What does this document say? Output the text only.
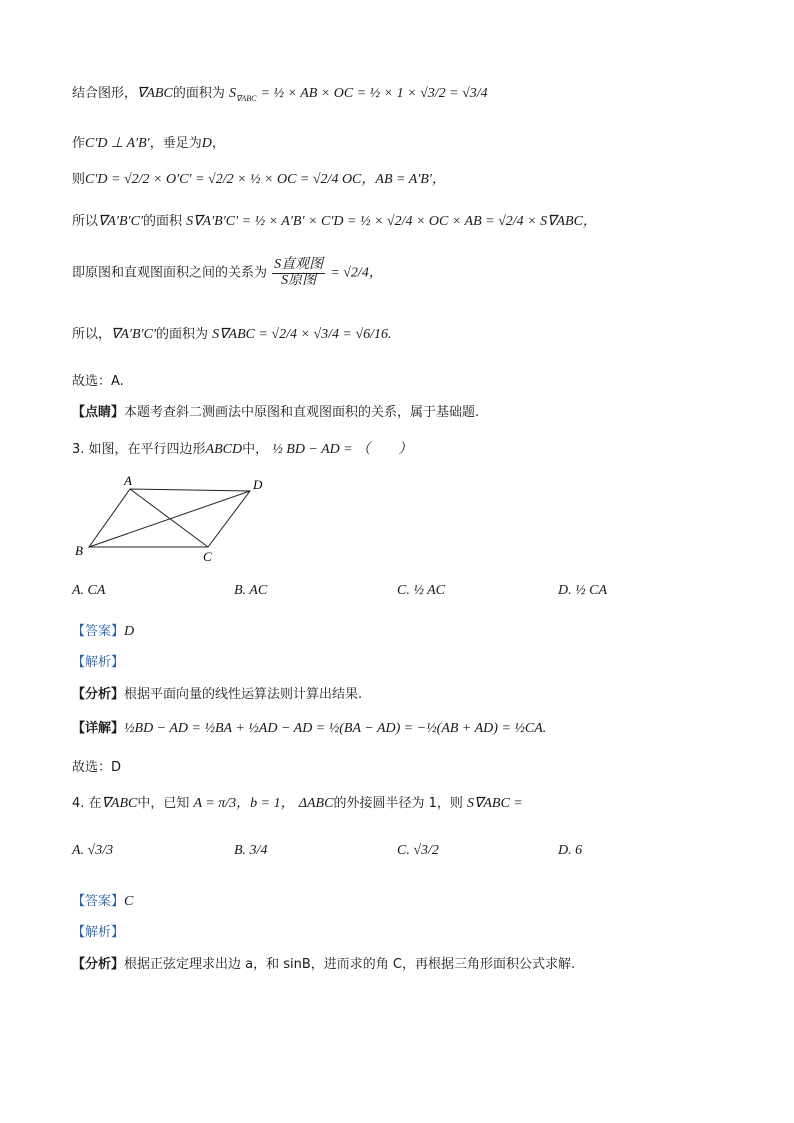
结合图形，∇ABC的面积为 $S_{\nabla ABC}$ = ½ × AB × OC = ½ × 1 × √3/2 = √3/4
作C′D ⊥ A′B′，垂足为D，
则C′D = √2/2 × O′C′ = √2/2 × ½ × OC = √2/4 OC，AB = A′B′，
所以∇A′B′C′的面积 S∇A′B′C′ = ½ × A′B′ × C′D = ½ × √2/4 × OC × AB = √2/4 × S∇ABC，
即原图和直观图面积之间的关系为 $\frac{\text{S直观图}}{\text{S原图}} = √2/4$，
所以，∇A′B′C′的面积为 S∇ABC = √2/4 × √3/4 = √6/16.
故选：A.
【点睛】本题考查斜二测画法中原图和直观图面积的关系，属于基础题.
3. 如图，在平行四边形ABCD中， ½ BD − AD = （　　）
A	D
B	C
A. CA	B. AC	C. ½ AC	D. ½ CA
【答案】D
【解析】
【分析】根据平面向量的线性运算法则计算出结果.
【详解】½BD − AD = ½BA + ½AD − AD = ½(BA − AD) = −½(AB + AD) = ½CA.
故选：D
4. 在∇ABC中，已知 A = π/3，b = 1， ΔABC的外接圆半径为 1，则 S∇ABC =
A. √3/3	B. 3/4	C. √3/2	D. 6
【答案】C
【解析】
【分析】根据正弦定理求出边 a，和 sinB，进而求的角 C，再根据三角形面积公式求解.
